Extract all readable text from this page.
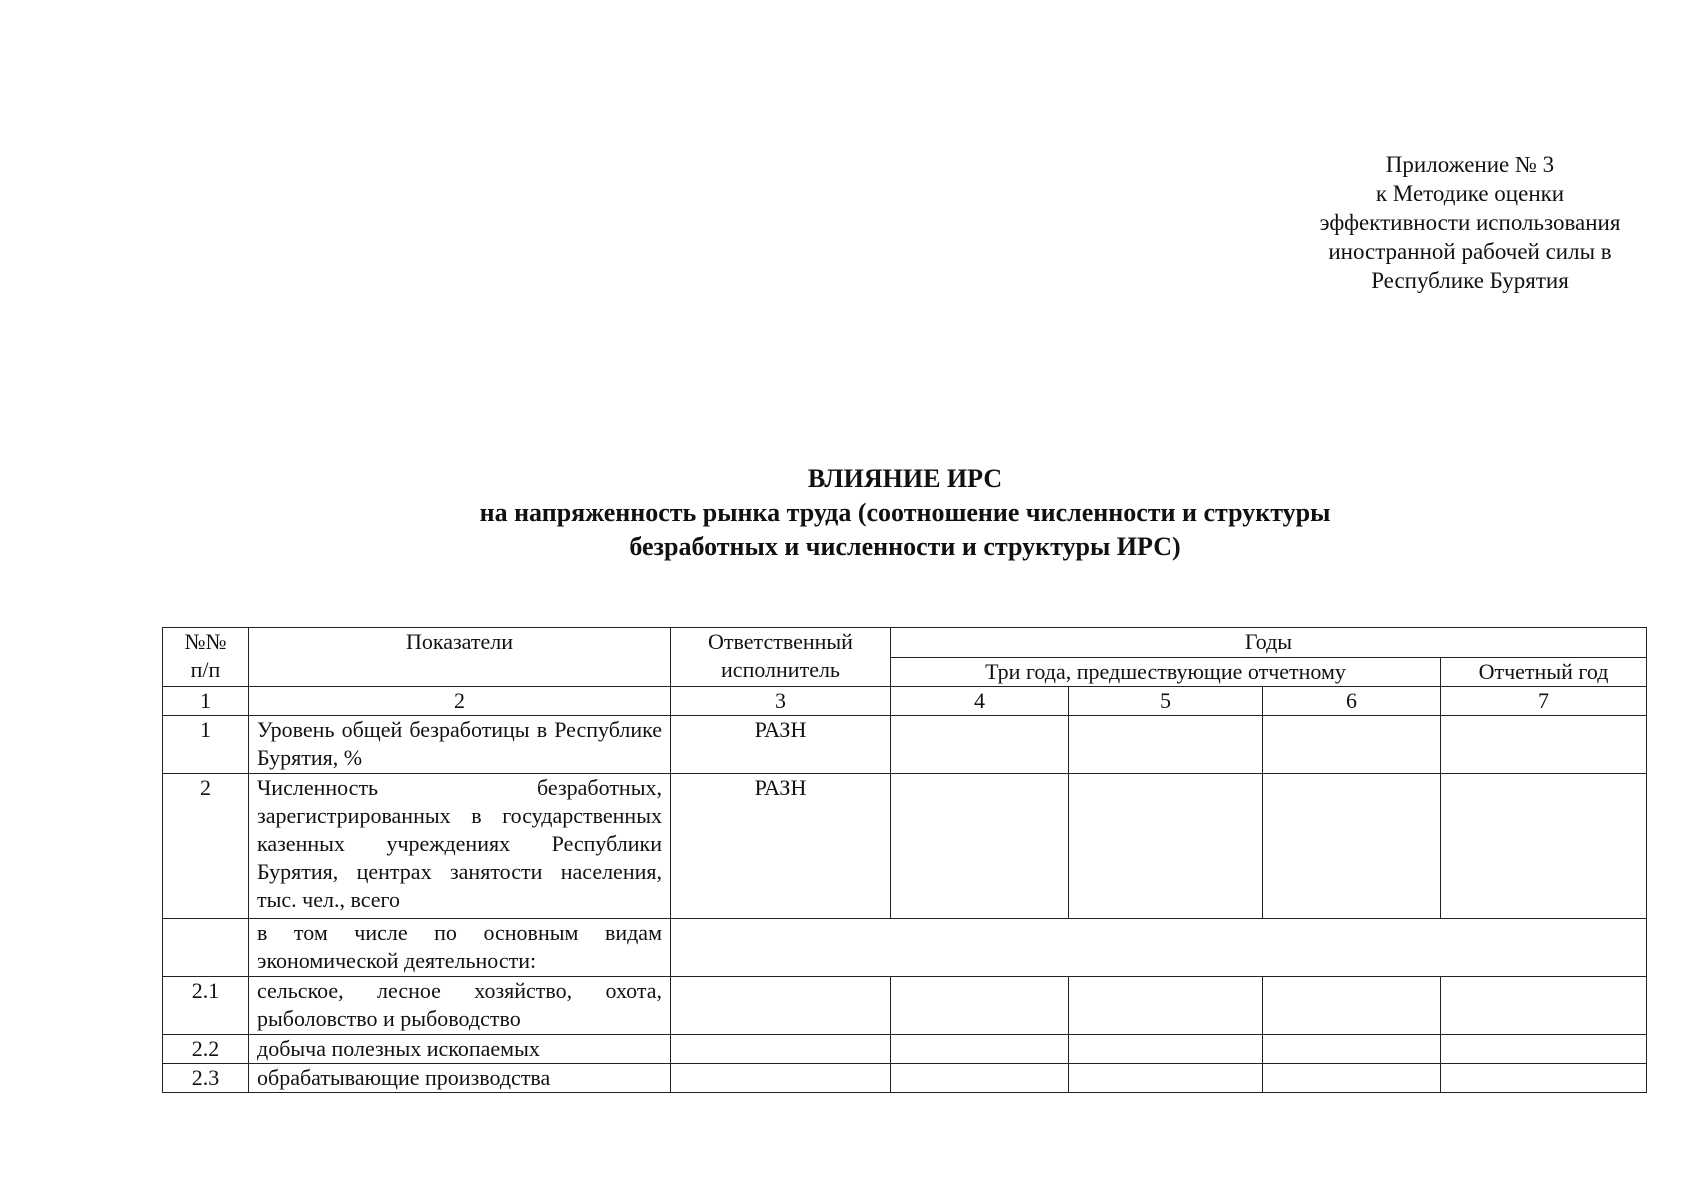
Приложение № 3
к Методике оценки
эффективности использования
иностранной рабочей силы в
Республике Бурятия
ВЛИЯНИЕ ИРС
на напряженность рынка труда (соотношение численности и структуры
безработных и численности и структуры ИРС)
№№
п/п	Показатели	Ответственный исполнитель	Годы			
			Три года, предшествующие отчетному			Отчетный год
1	2	3	4	5	6	7
1	Уровень общей безработицы в Республике Бурятия, %	РАЗН				
2	Численность безработных, зарегистрированных в государственных казенных учреждениях Республики Бурятия, центрах занятости населения, тыс. чел., всего	РАЗН				
	в том числе по основным видам экономической деятельности:					
2.1	сельское, лесное хозяйство, охота, рыболовство и рыбоводство					
2.2	добыча полезных ископаемых					
2.3	обрабатывающие производства					
